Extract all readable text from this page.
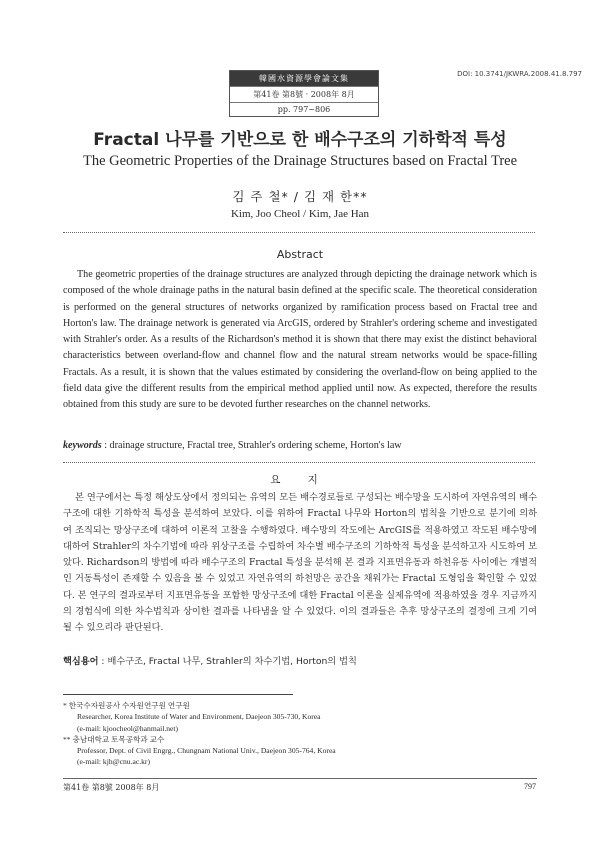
韓國水資源學會論文集
第41卷 第8號 · 2008年 8月
pp. 797~806
DOI: 10.3741/JKWRA.2008.41.8.797
Fractal 나무를 기반으로 한 배수구조의 기하학적 특성
The Geometric Properties of the Drainage Structures based on Fractal Tree
김 주 철* / 김 재 한**
Kim, Joo Cheol / Kim, Jae Han
Abstract
The geometric properties of the drainage structures are analyzed through depicting the drainage network which is composed of the whole drainage paths in the natural basin defined at the specific scale. The theoretical consideration is performed on the general structures of networks organized by ramification process based on Fractal tree and Horton's law. The drainage network is generated via ArcGIS, ordered by Strahler's ordering scheme and investigated with Strahler's order. As a results of the Richardson's method it is shown that there may exist the distinct behavioral characteristics between overland-flow and channel flow and the natural stream networks would be space-filling Fractals. As a result, it is shown that the values estimated by considering the overland-flow on being applied to the field data give the different results from the empirical method applied until now. As expected, therefore the results obtained from this study are sure to be devoted further researches on the channel networks.
keywords : drainage structure, Fractal tree, Strahler's ordering scheme, Horton's law
요 지
본 연구에서는 특정 해상도상에서 정의되는 유역의 모든 배수경로들로 구성되는 배수망을 도시하여 자연유역의 배수구조에 대한 기하학적 특성을 분석하여 보았다. 이를 위하여 Fractal 나무와 Horton의 법칙을 기반으로 분기에 의하여 조직되는 망상구조에 대하여 이론적 고찰을 수행하였다. 배수망의 작도에는 ArcGIS를 적용하였고 작도된 배수망에 대하여 Strahler의 차수기법에 따라 위상구조를 수립하여 차수별 배수구조의 기하학적 특성을 분석하고자 시도하여 보았다. Richardson의 방법에 따라 배수구조의 Fractal 특성을 분석해 본 결과 지표면유동과 하천유동 사이에는 개별적인 거동특성이 존재할 수 있음을 볼 수 있었고 자연유역의 하천망은 공간을 채워가는 Fractal 도형임을 확인할 수 있었다. 본 연구의 결과로부터 지표면유동을 포함한 망상구조에 대한 Fractal 이론을 실제유역에 적용하였을 경우 지금까지의 경험식에 의한 차수법칙과 상이한 결과를 나타냄을 알 수 있었다. 이의 결과들은 추후 망상구조의 결정에 크게 기여될 수 있으리라 판단된다.
핵심용어 : 배수구조, Fractal 나무, Strahler의 차수기법, Horton의 법칙
* 한국수자원공사 수자원연구원 연구원
Researcher, Korea Institute of Water and Environment, Daejeon 305-730, Korea
(e-mail: kjoocheol@hanmail.net)
** 충남대학교 토목공학과 교수
Professor, Dept. of Civil Engrg., Chungnam National Univ., Daejeon 305-764, Korea
(e-mail: kjh@cnu.ac.kr)
第41卷 第8號 2008年 8月	797
